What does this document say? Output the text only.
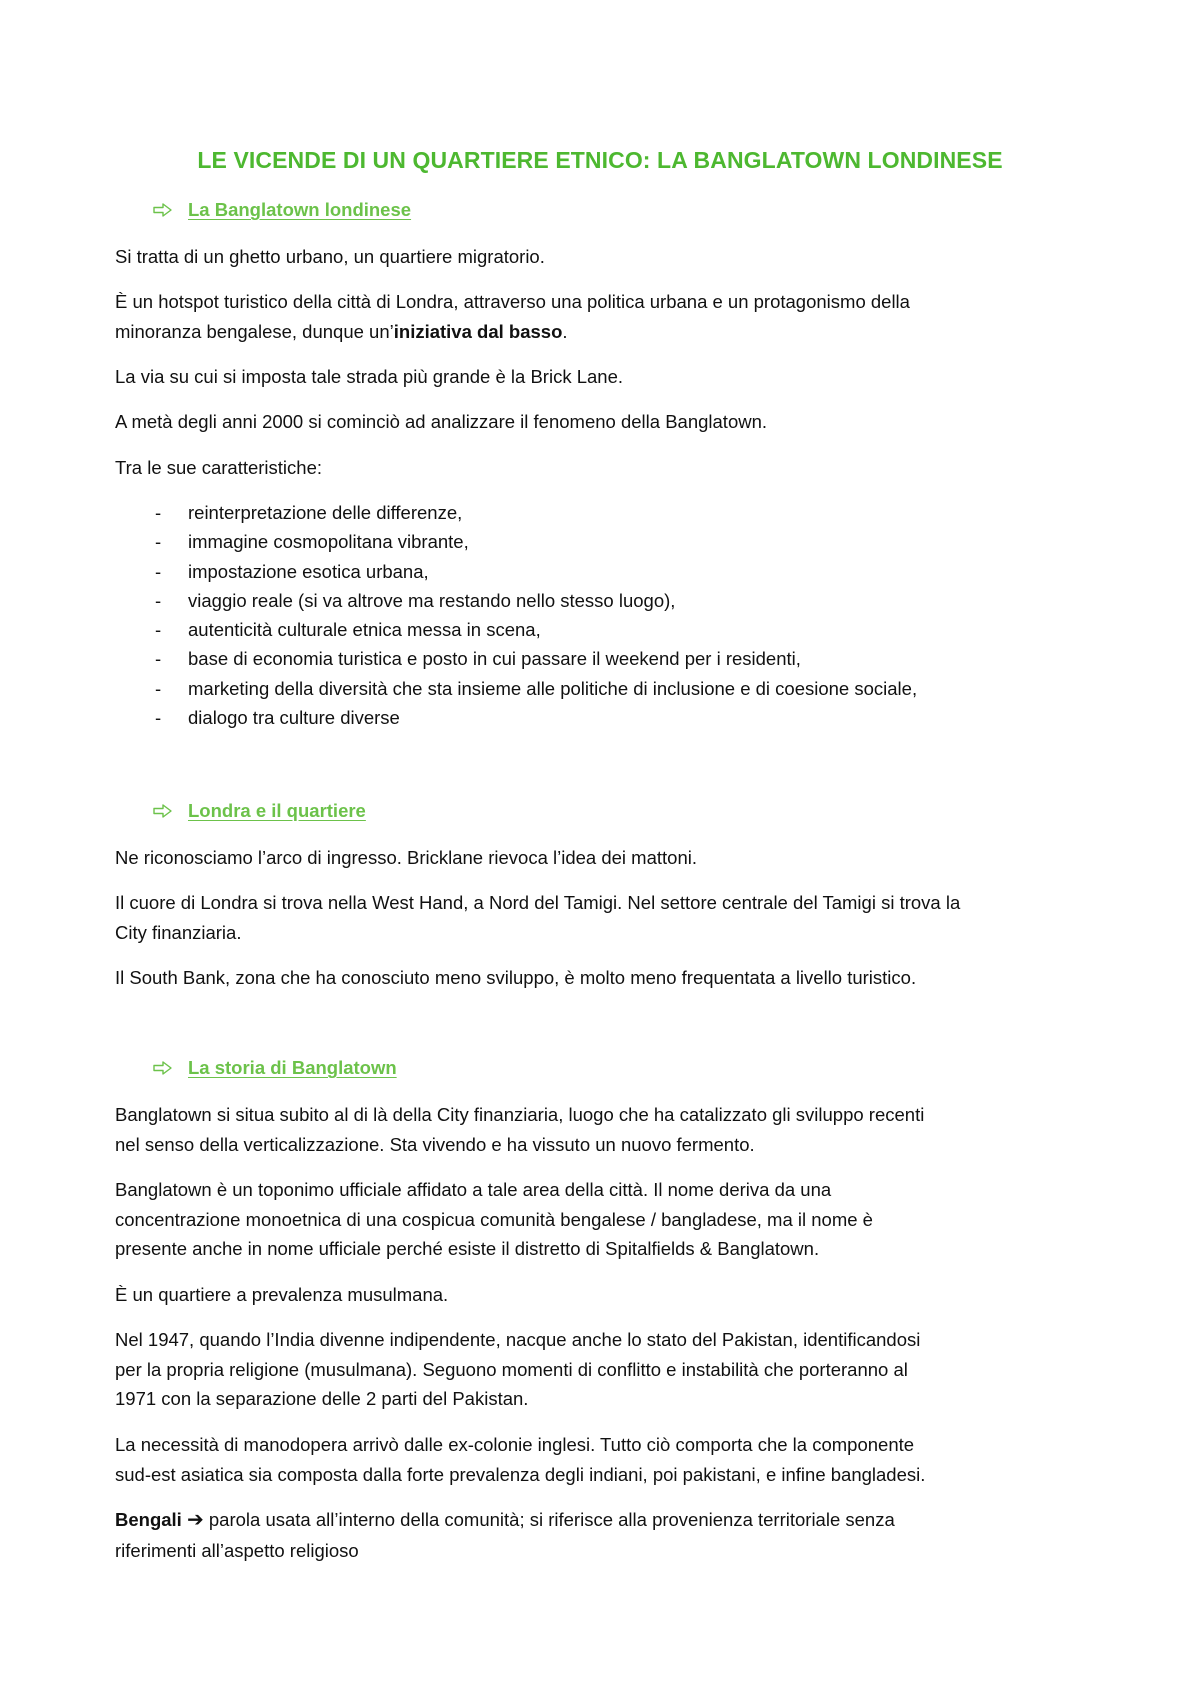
LE VICENDE DI UN QUARTIERE ETNICO: LA BANGLATOWN LONDINESE
La Banglatown londinese
Si tratta di un ghetto urbano, un quartiere migratorio.
È un hotspot turistico della città di Londra, attraverso una politica urbana e un protagonismo della
minoranza bengalese, dunque un’iniziativa dal basso.
La via su cui si imposta tale strada più grande è la Brick Lane.
A metà degli anni 2000 si cominciò ad analizzare il fenomeno della Banglatown.
Tra le sue caratteristiche:
-	reinterpretazione delle differenze,
-	immagine cosmopolitana vibrante,
-	impostazione esotica urbana,
-	viaggio reale (si va altrove ma restando nello stesso luogo),
-	autenticità culturale etnica messa in scena,
-	base di economia turistica e posto in cui passare il weekend per i residenti,
-	marketing della diversità che sta insieme alle politiche di inclusione e di coesione sociale,
-	dialogo tra culture diverse
Londra e il quartiere
Ne riconosciamo l’arco di ingresso. Bricklane rievoca l’idea dei mattoni.
Il cuore di Londra si trova nella West Hand, a Nord del Tamigi. Nel settore centrale del Tamigi si trova la
City finanziaria.
Il South Bank, zona che ha conosciuto meno sviluppo, è molto meno frequentata a livello turistico.
La storia di Banglatown
Banglatown si situa subito al di là della City finanziaria, luogo che ha catalizzato gli sviluppo recenti
nel senso della verticalizzazione. Sta vivendo e ha vissuto un nuovo fermento.
Banglatown è un toponimo ufficiale affidato a tale area della città. Il nome deriva da una
concentrazione monoetnica di una cospicua comunità bengalese / bangladese, ma il nome è
presente anche in nome ufficiale perché esiste il distretto di Spitalfields & Banglatown.
È un quartiere a prevalenza musulmana.
Nel 1947, quando l’India divenne indipendente, nacque anche lo stato del Pakistan, identificandosi
per la propria religione (musulmana). Seguono momenti di conflitto e instabilità che porteranno al
1971 con la separazione delle 2 parti del Pakistan.
La necessità di manodopera arrivò dalle ex-colonie inglesi. Tutto ciò comporta che la componente
sud-est asiatica sia composta dalla forte prevalenza degli indiani, poi pakistani, e infine bangladesi.
Bengali ➔ parola usata all’interno della comunità; si riferisce alla provenienza territoriale senza
riferimenti all’aspetto religioso
